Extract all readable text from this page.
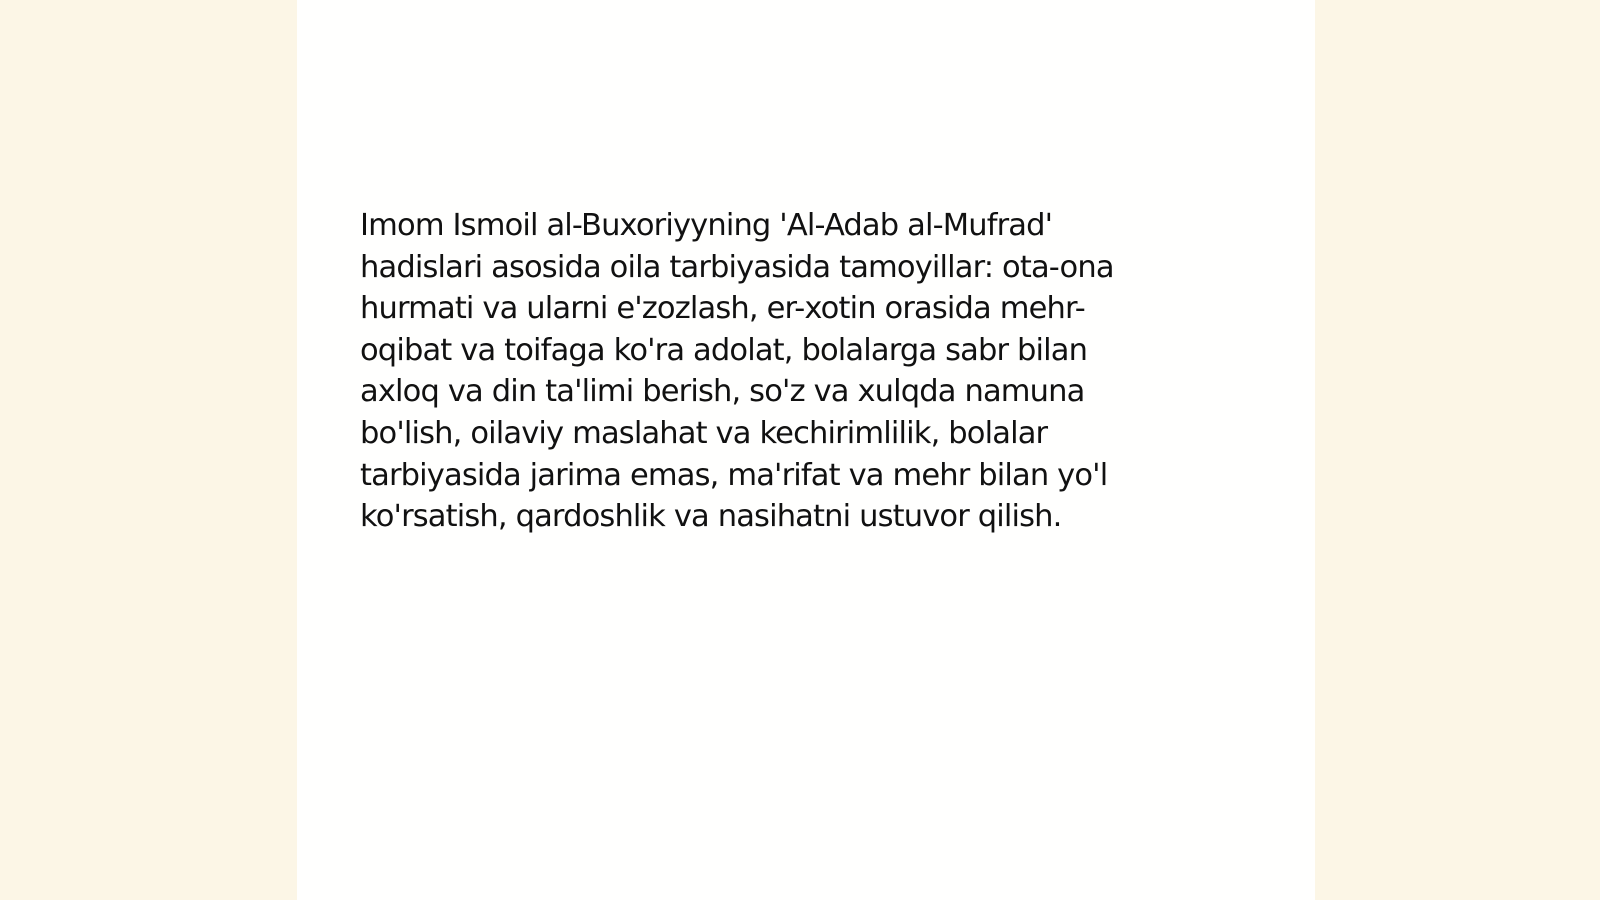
Imom Ismoil al-Buxoriyyning 'Al-Adab al-Mufrad'
hadislari asosida oila tarbiyasida tamoyillar: ota-ona
hurmati va ularni e'zozlash, er-xotin orasida mehr-
oqibat va toifaga ko'ra adolat, bolalarga sabr bilan
axloq va din ta'limi berish, so'z va xulqda namuna
bo'lish, oilaviy maslahat va kechirimlilik, bolalar
tarbiyasida jarima emas, ma'rifat va mehr bilan yo'l
ko'rsatish, qardoshlik va nasihatni ustuvor qilish.
